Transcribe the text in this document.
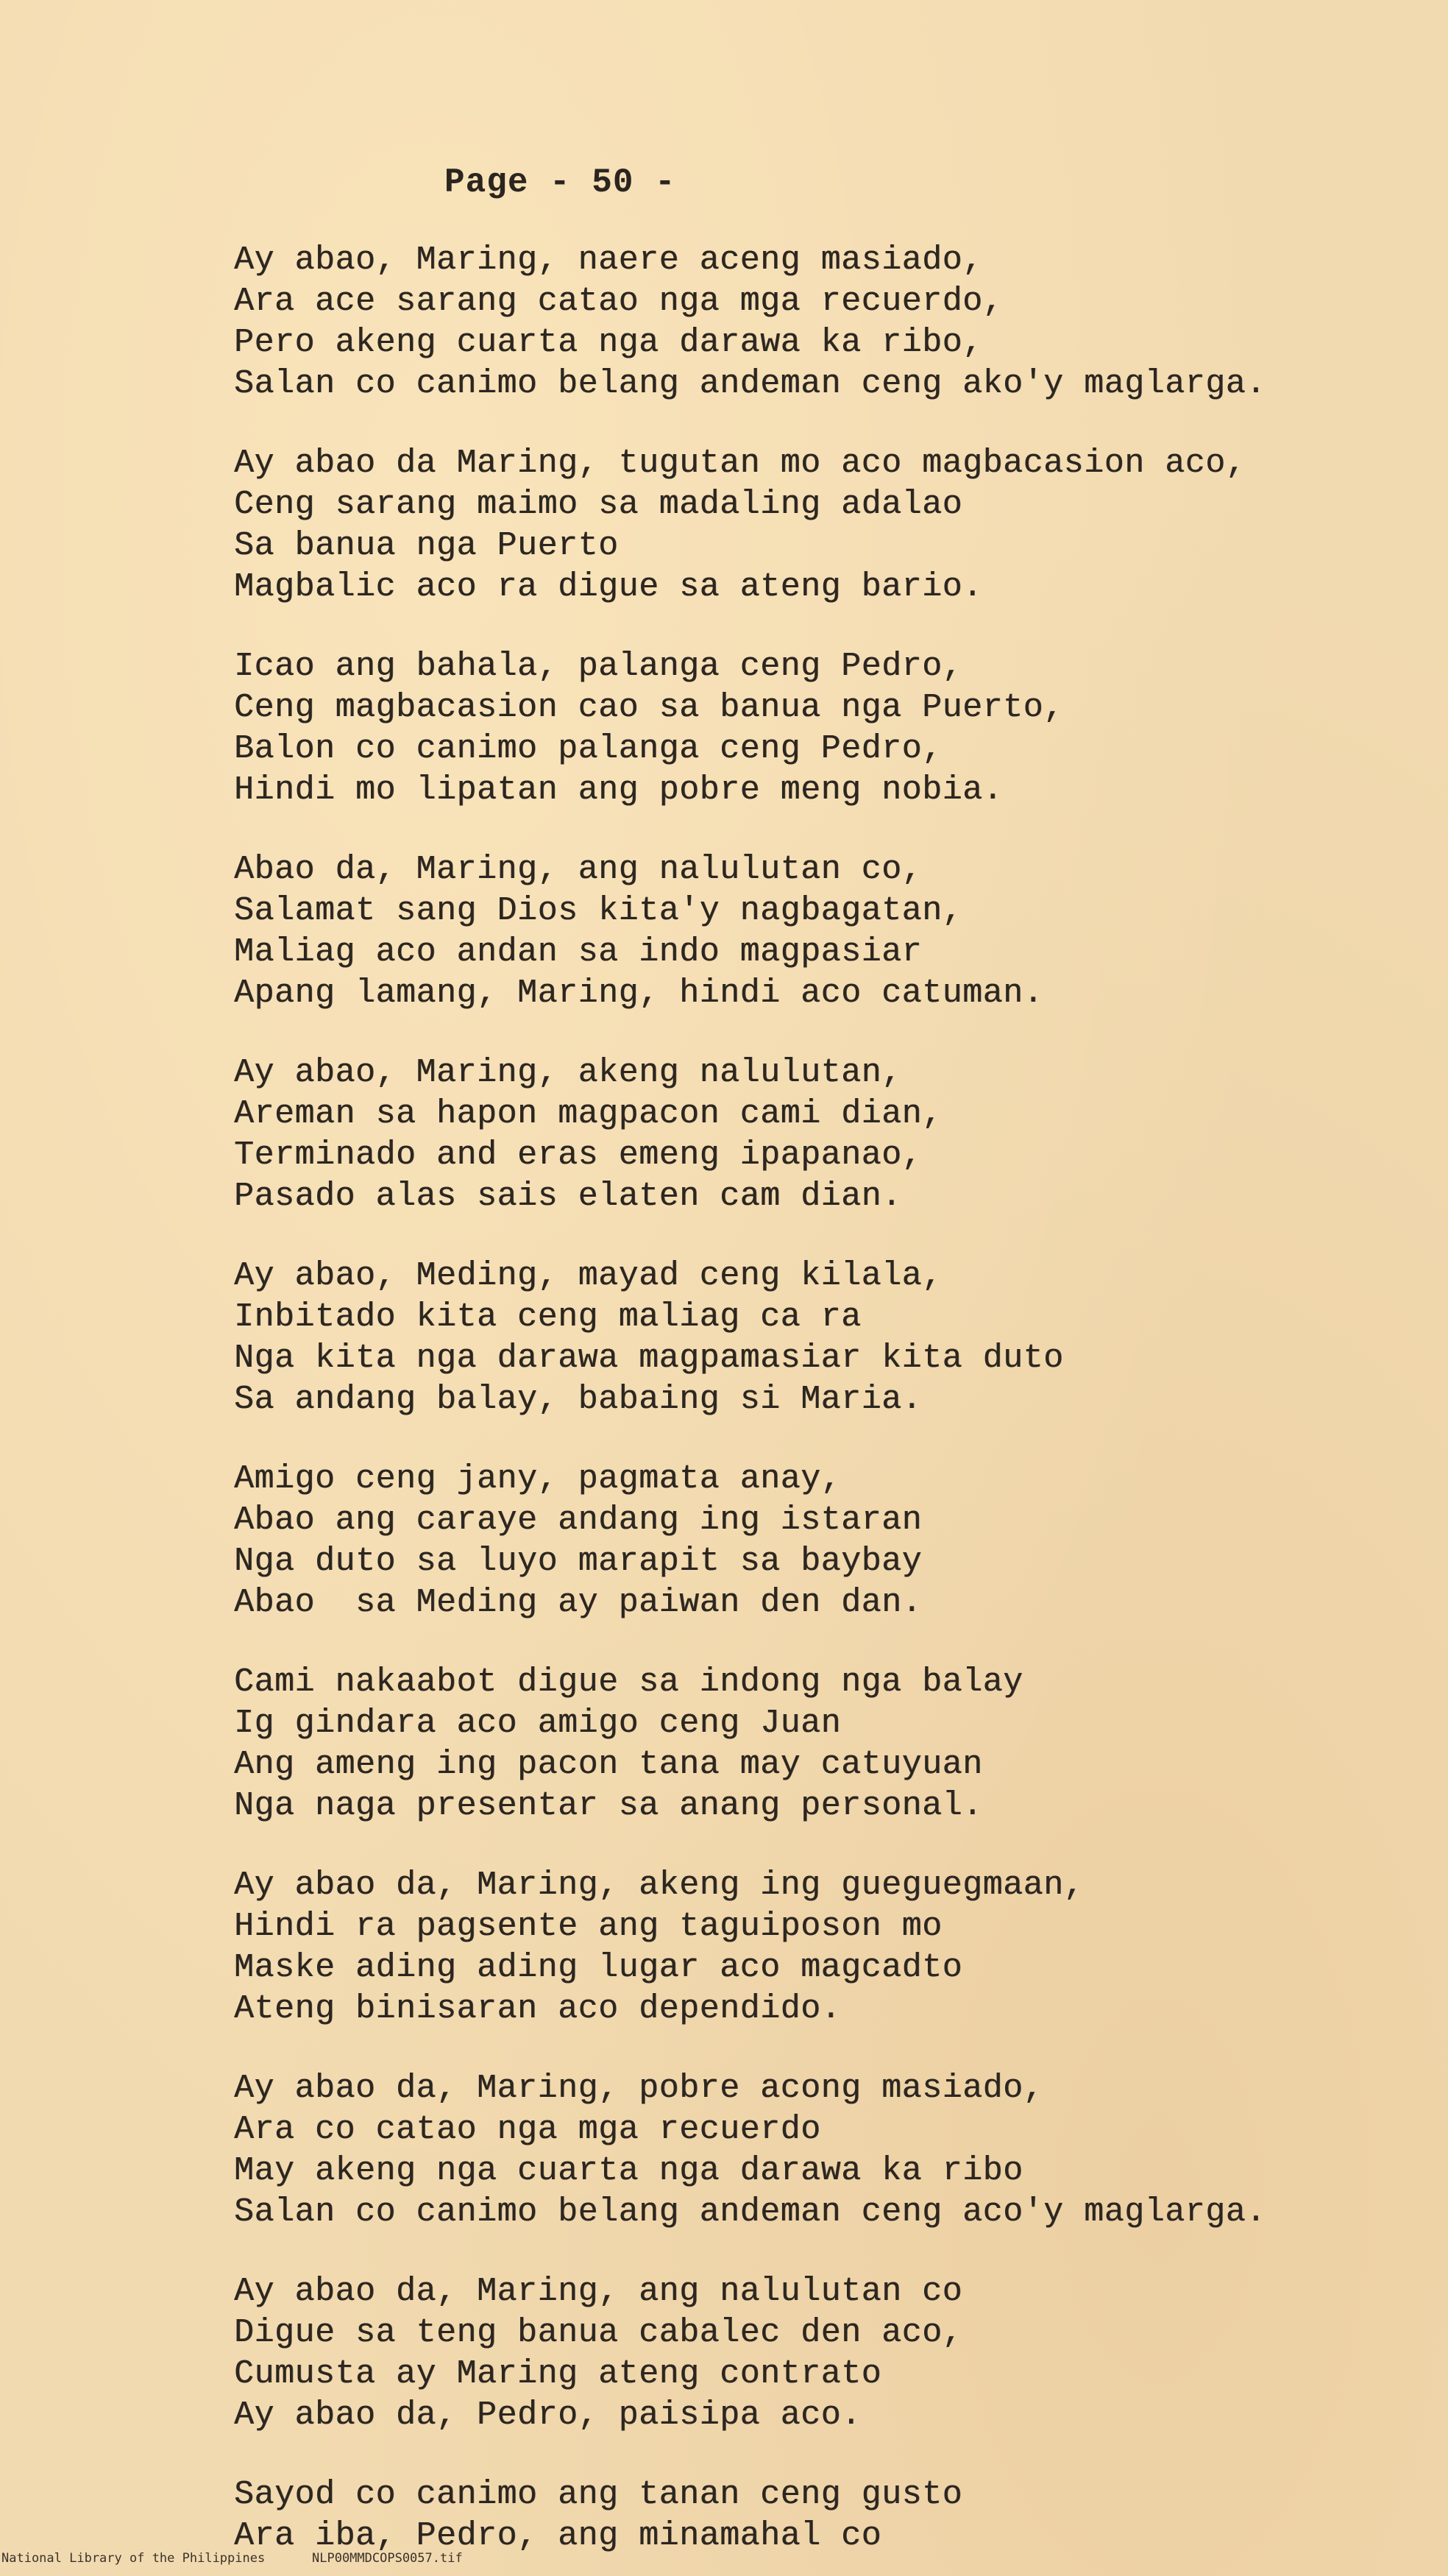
Page - 50 -
Ay abao, Maring, naere aceng masiado,
Ara ace sarang catao nga mga recuerdo,
Pero akeng cuarta nga darawa ka ribo,
Salan co canimo belang andeman ceng ako'y maglarga.
Ay abao da Maring, tugutan mo aco magbacasion aco,
Ceng sarang maimo sa madaling adalao
Sa banua nga Puerto
Magbalic aco ra digue sa ateng bario.
Icao ang bahala, palanga ceng Pedro,
Ceng magbacasion cao sa banua nga Puerto,
Balon co canimo palanga ceng Pedro,
Hindi mo lipatan ang pobre meng nobia.
Abao da, Maring, ang nalulutan co,
Salamat sang Dios kita'y nagbagatan,
Maliag aco andan sa indo magpasiar
Apang lamang, Maring, hindi aco catuman.
Ay abao, Maring, akeng nalulutan,
Areman sa hapon magpacon cami dian,
Terminado and eras emeng ipapanao,
Pasado alas sais elaten cam dian.
Ay abao, Meding, mayad ceng kilala,
Inbitado kita ceng maliag ca ra
Nga kita nga darawa magpamasiar kita duto
Sa andang balay, babaing si Maria.
Amigo ceng jany, pagmata anay,
Abao ang caraye andang ing istaran
Nga duto sa luyo marapit sa baybay
Abao  sa Meding ay paiwan den dan.
Cami nakaabot digue sa indong nga balay
Ig gindara aco amigo ceng Juan
Ang ameng ing pacon tana may catuyuan
Nga naga presentar sa anang personal.
Ay abao da, Maring, akeng ing gueguegmaan,
Hindi ra pagsente ang taguiposon mo
Maske ading ading lugar aco magcadto
Ateng binisaran aco dependido.
Ay abao da, Maring, pobre acong masiado,
Ara co catao nga mga recuerdo
May akeng nga cuarta nga darawa ka ribo
Salan co canimo belang andeman ceng aco'y maglarga.
Ay abao da, Maring, ang nalulutan co
Digue sa teng banua cabalec den aco,
Cumusta ay Maring ateng contrato
Ay abao da, Pedro, paisipa aco.
Sayod co canimo ang tanan ceng gusto
Ara iba, Pedro, ang minamahal co

National Library of the Philippines

	NLP00MMDCOPS0057.tif
